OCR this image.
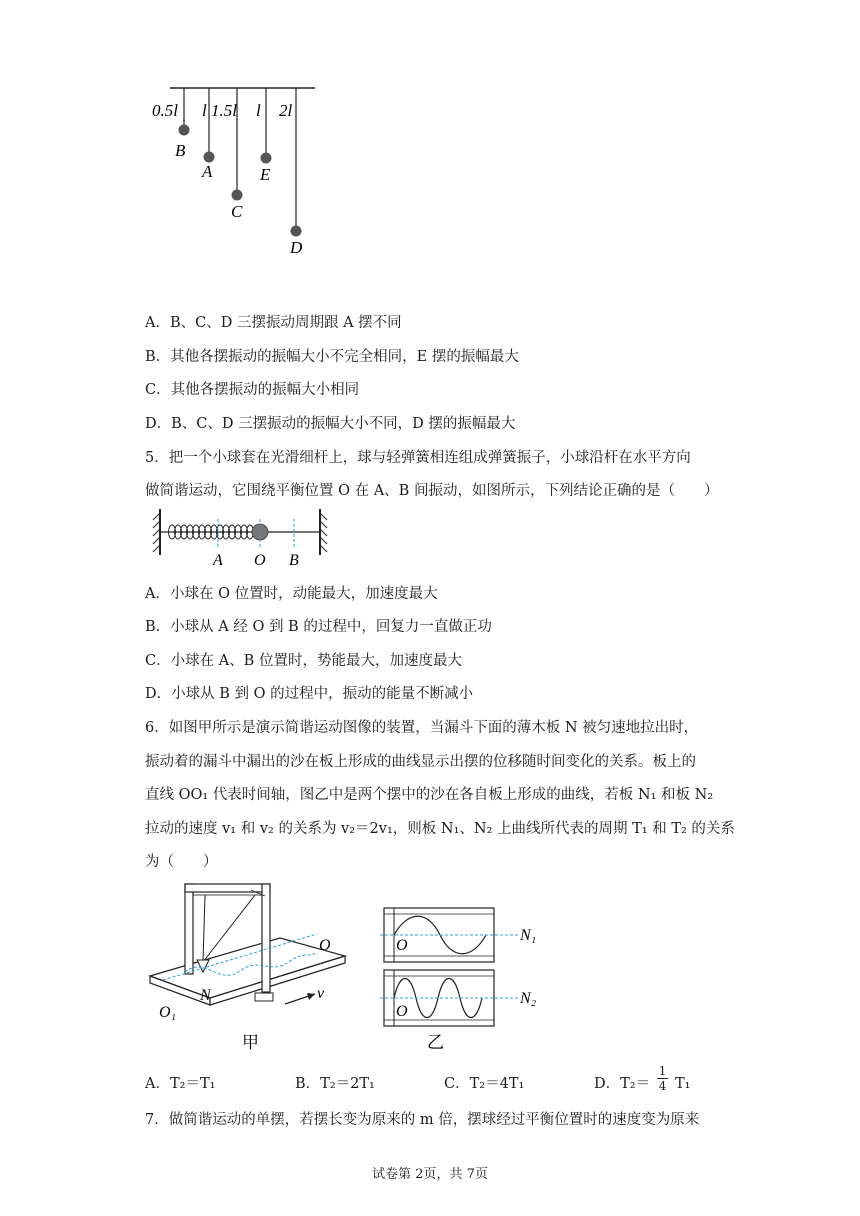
0.5l l 1.5l l 2l
B
A
C
E
D
A．B、C、D 三摆振动周期跟 A 摆不同
B．其他各摆振动的振幅大小不完全相同，E 摆的振幅最大
C．其他各摆振动的振幅大小相同
D．B、C、D 三摆振动的振幅大小不同，D 摆的振幅最大
5．把一个小球套在光滑细杆上，球与轻弹簧相连组成弹簧振子，小球沿杆在水平方向
做简谐运动，它围绕平衡位置 O 在 A、B 间振动，如图所示，下列结论正确的是（　　）
A O B
A．小球在 O 位置时，动能最大，加速度最大
B．小球从 A 经 O 到 B 的过程中，回复力一直做正功
C．小球在 A、B 位置时，势能最大，加速度最大
D．小球从 B 到 O 的过程中，振动的能量不断减小
6．如图甲所示是演示简谐运动图像的装置，当漏斗下面的薄木板 N 被匀速地拉出时，
振动着的漏斗中漏出的沙在板上形成的曲线显示出摆的位移随时间变化的关系。板上的
直线 OO₁ 代表时间轴，图乙中是两个摆中的沙在各自板上形成的曲线，若板 N₁ 和板 N₂
拉动的速度 v₁ 和 v₂ 的关系为 v₂＝2v₁，则板 N₁、N₂ 上曲线所代表的周期 T₁ 和 T₂ 的关系
为（　　）
v
O
N
O₁
甲
O
N₁
O
N₂
乙
A．T₂＝T₁	B．T₂＝2T₁	C．T₂＝4T₁	D．$T_2= \frac{1}{4} T_1$
7．做简谐运动的单摆，若摆长变为原来的 m 倍，摆球经过平衡位置时的速度变为原来
试卷第 2页，共 7页
